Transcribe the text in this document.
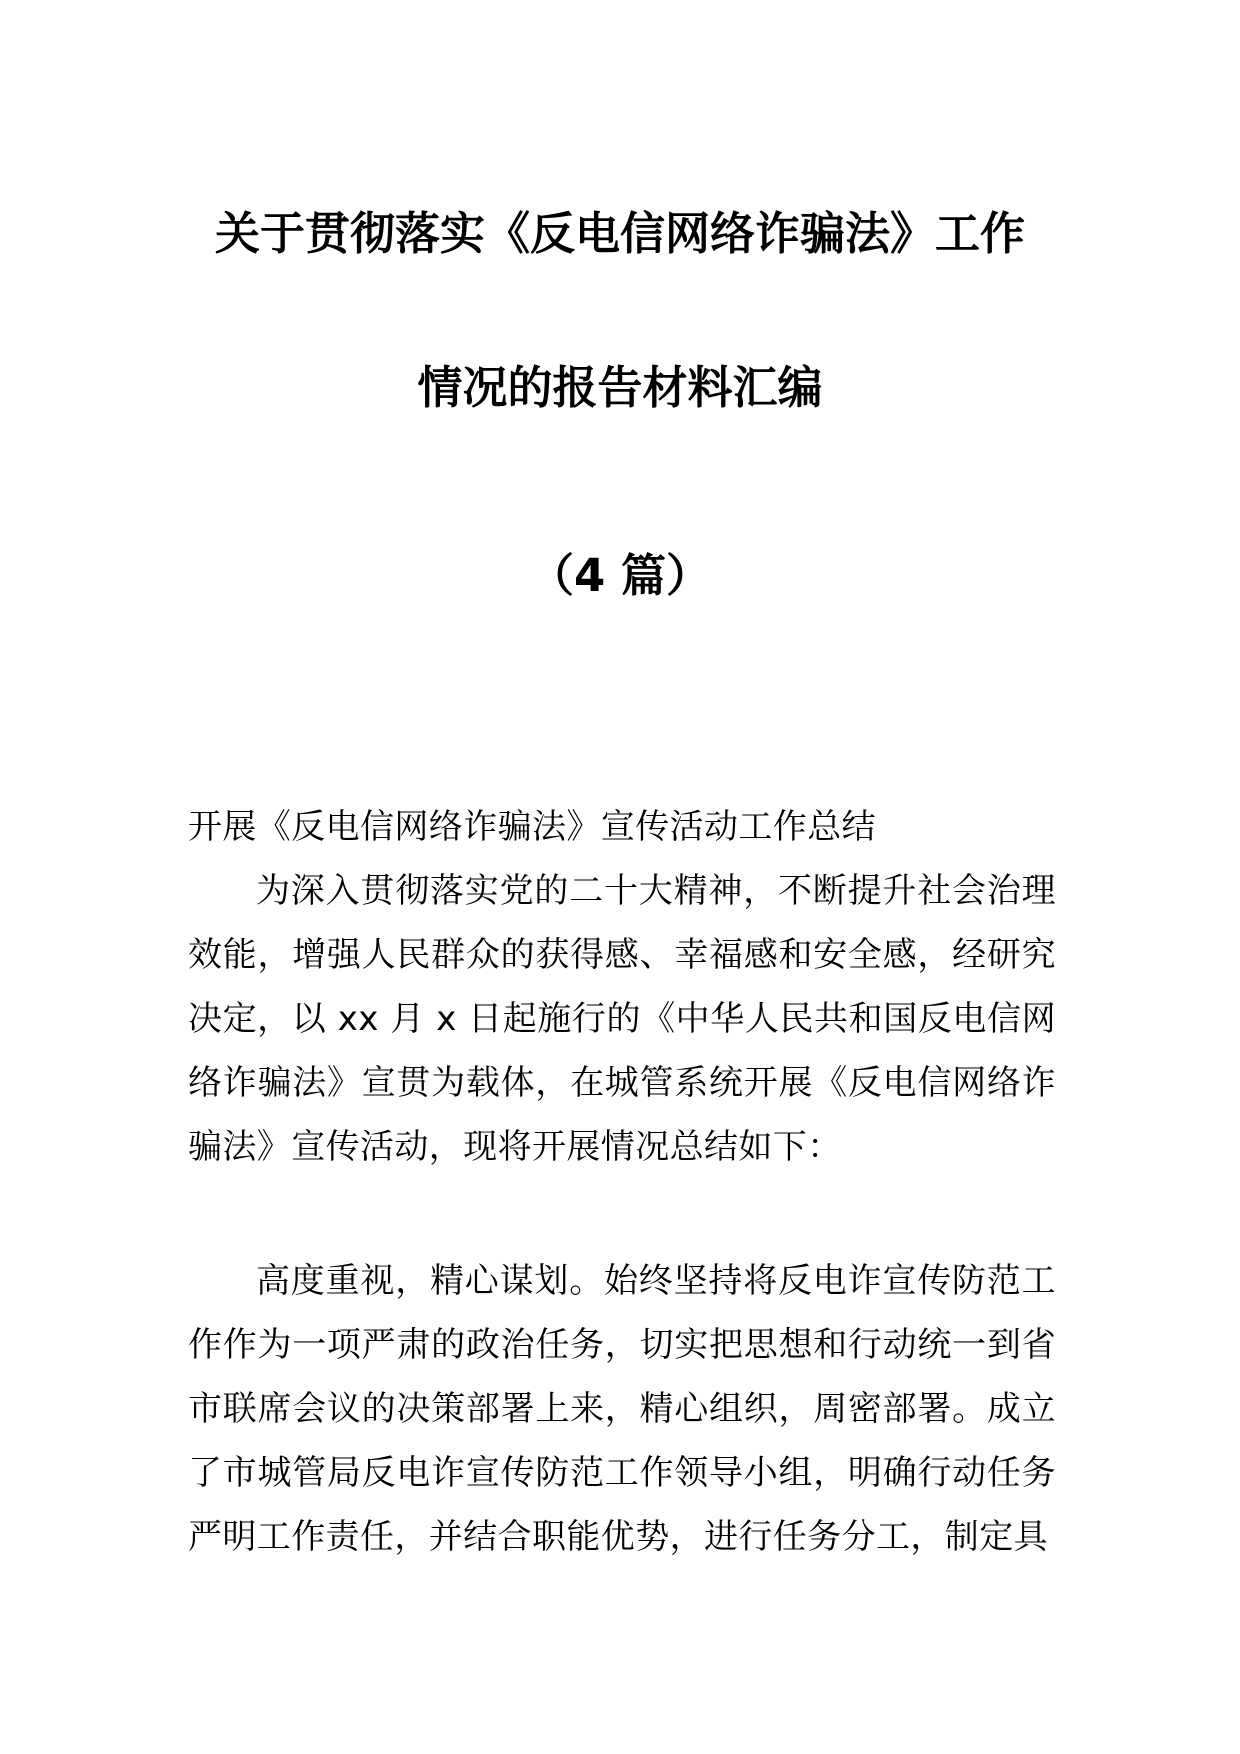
关于贯彻落实《反电信网络诈骗法》工作
情况的报告材料汇编
（4 篇）
开展《反电信网络诈骗法》宣传活动工作总结
为深入贯彻落实党的二十大精神，不断提升社会治理效能，增强人民群众的获得感、幸福感和安全感，经研究决定，以 xx 月 x 日起施行的《中华人民共和国反电信网络诈骗法》宣贯为载体，在城管系统开展《反电信网络诈骗法》宣传活动，现将开展情况总结如下：
高度重视，精心谋划。始终坚持将反电诈宣传防范工作作为一项严肃的政治任务，切实把思想和行动统一到省市联席会议的决策部署上来，精心组织，周密部署。成立了市城管局反电诈宣传防范工作领导小组，明确行动任务严明工作责任，并结合职能优势，进行任务分工，制定具
